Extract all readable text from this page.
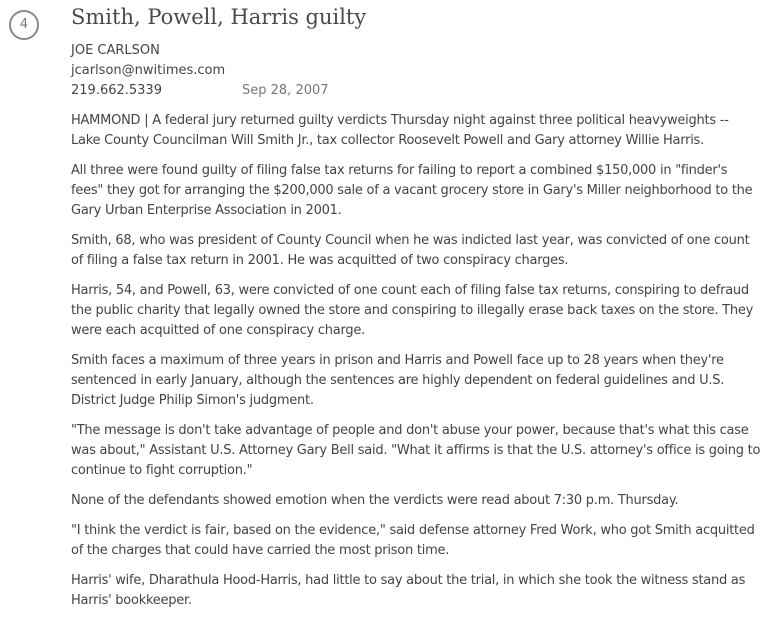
4	Smith, Powell, Harris guilty
JOE CARLSON
jcarlson@nwitimes.com
219.662.5339	Sep 28, 2007

HAMMOND | A federal jury returned guilty verdicts Thursday night against three political heavyweights -- Lake County Councilman Will Smith Jr., tax collector Roosevelt Powell and Gary attorney Willie Harris.

All three were found guilty of filing false tax returns for failing to report a combined $150,000 in "finder's fees" they got for arranging the $200,000 sale of a vacant grocery store in Gary's Miller neighborhood to the Gary Urban Enterprise Association in 2001.

Smith, 68, who was president of County Council when he was indicted last year, was convicted of one count of filing a false tax return in 2001. He was acquitted of two conspiracy charges.

Harris, 54, and Powell, 63, were convicted of one count each of filing false tax returns, conspiring to defraud the public charity that legally owned the store and conspiring to illegally erase back taxes on the store. They were each acquitted of one conspiracy charge.

Smith faces a maximum of three years in prison and Harris and Powell face up to 28 years when they're sentenced in early January, although the sentences are highly dependent on federal guidelines and U.S. District Judge Philip Simon's judgment.

"The message is don't take advantage of people and don't abuse your power, because that's what this case was about," Assistant U.S. Attorney Gary Bell said. "What it affirms is that the U.S. attorney's office is going to continue to fight corruption."

None of the defendants showed emotion when the verdicts were read about 7:30 p.m. Thursday.

"I think the verdict is fair, based on the evidence," said defense attorney Fred Work, who got Smith acquitted of the charges that could have carried the most prison time.

Harris' wife, Dharathula Hood-Harris, had little to say about the trial, in which she took the witness stand as Harris' bookkeeper.
